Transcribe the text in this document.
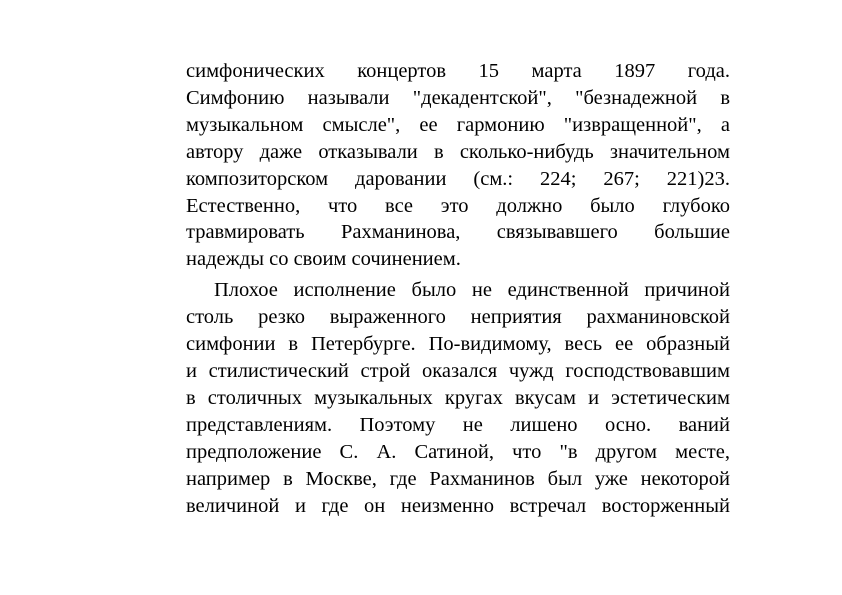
симфонических концертов 15 марта 1897 года.
Симфонию называли "декадентской", "безнадежной в
музыкальном смысле", ее гармонию "извращенной", а
автору даже отказывали в сколько-нибудь значительном
композиторском даровании (см.: 224; 267; 221)23.
Естественно, что все это должно было глубоко
травмировать Рахманинова, связывавшего большие
надежды со своим сочинением.

Плохое исполнение было не единственной причиной
столь резко выраженного неприятия рахманиновской
симфонии в Петербурге. По-видимому, весь ее образный
и стилистический строй оказался чужд господствовавшим
в столичных музыкальных кругах вкусам и эстетическим
представлениям. Поэтому не лишено осно. ваний
предположение С. А. Сатиной, что "в другом месте,
например в Москве, где Рахманинов был уже некоторой
величиной и где он неизменно встречал восторженный
